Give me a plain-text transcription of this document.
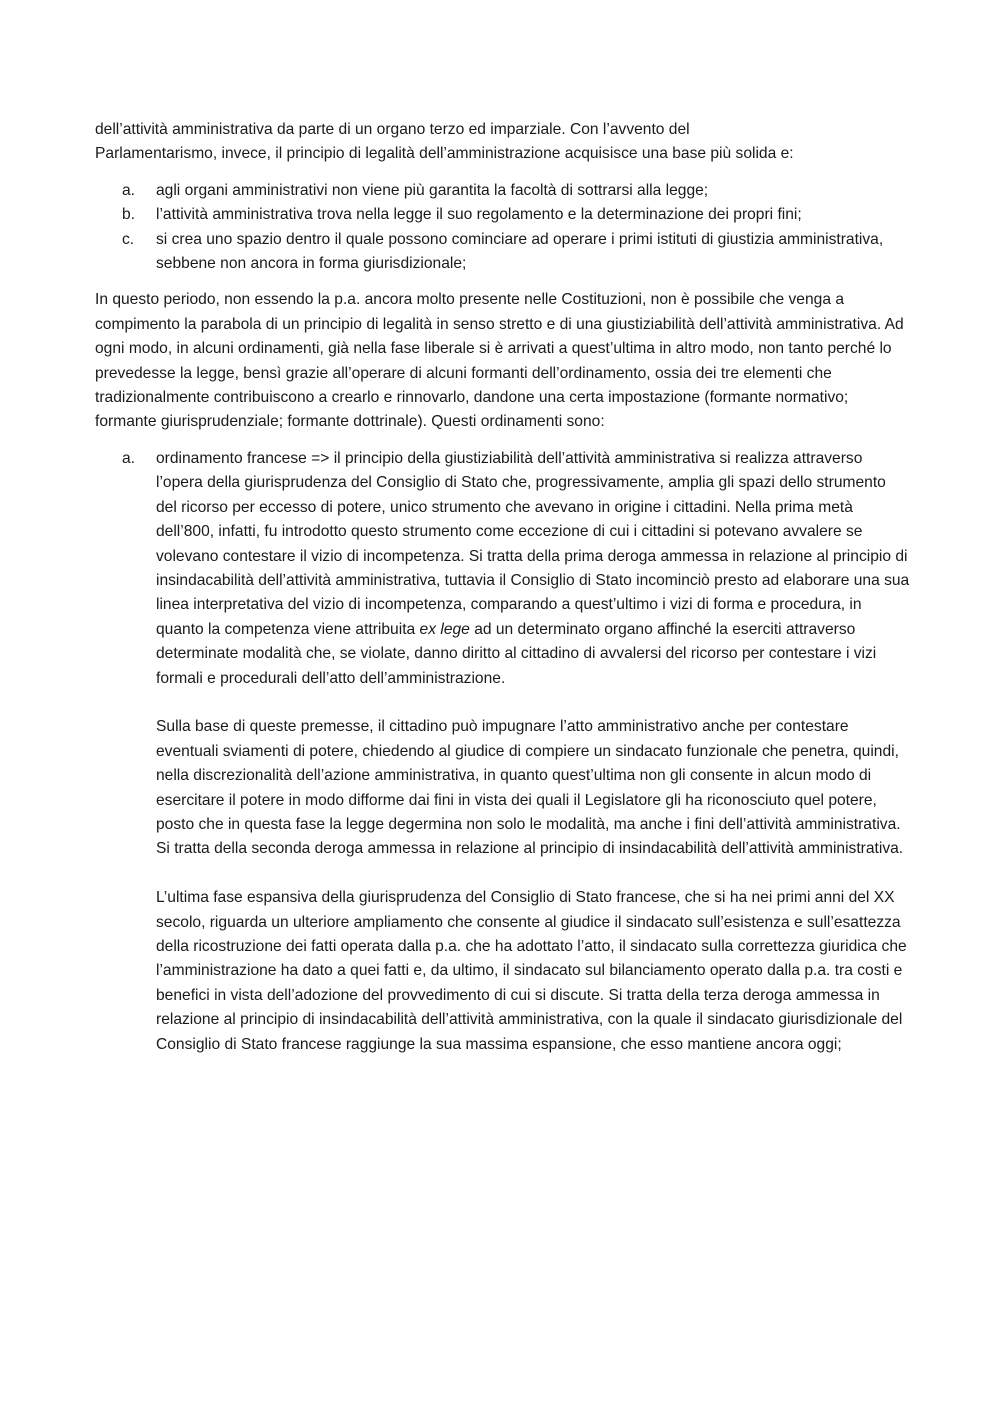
dell’attività amministrativa da parte di un organo terzo ed imparziale. Con l’avvento del
Parlamentarismo, invece, il principio di legalità dell’amministrazione acquisisce una base più solida e:

a. agli organi amministrativi non viene più garantita la facoltà di sottrarsi alla legge;
b. l’attività amministrativa trova nella legge il suo regolamento e la determinazione dei propri fini;
c. si crea uno spazio dentro il quale possono cominciare ad operare i primi istituti di giustizia amministrativa, sebbene non ancora in forma giurisdizionale;

In questo periodo, non essendo la p.a. ancora molto presente nelle Costituzioni, non è possibile che venga a compimento la parabola di un principio di legalità in senso stretto e di una giustiziabilità dell’attività amministrativa. Ad ogni modo, in alcuni ordinamenti, già nella fase liberale si è arrivati a quest’ultima in altro modo, non tanto perché lo prevedesse la legge, bensì grazie all’operare di alcuni formanti dell’ordinamento, ossia dei tre elementi che tradizionalmente contribuiscono a crearlo e rinnovarlo, dandone una certa impostazione (formante normativo; formante giurisprudenziale; formante dottrinale). Questi ordinamenti sono:

a. ordinamento francese => il principio della giustiziabilità dell’attività amministrativa si realizza attraverso l’opera della giurisprudenza del Consiglio di Stato che, progressivamente, amplia gli spazi dello strumento del ricorso per eccesso di potere, unico strumento che avevano in origine i cittadini. Nella prima metà dell’800, infatti, fu introdotto questo strumento come eccezione di cui i cittadini si potevano avvalere se volevano contestare il vizio di incompetenza. Si tratta della prima deroga ammessa in relazione al principio di insindacabilità dell’attività amministrativa, tuttavia il Consiglio di Stato incominciò presto ad elaborare una sua linea interpretativa del vizio di incompetenza, comparando a quest’ultimo i vizi di forma e procedura, in quanto la competenza viene attribuita ex lege ad un determinato organo affinché la eserciti attraverso determinate modalità che, se violate, danno diritto al cittadino di avvalersi del ricorso per contestare i vizi formali e procedurali dell’atto dell’amministrazione.

Sulla base di queste premesse, il cittadino può impugnare l’atto amministrativo anche per contestare eventuali sviamenti di potere, chiedendo al giudice di compiere un sindacato funzionale che penetra, quindi, nella discrezionalità dell’azione amministrativa, in quanto quest’ultima non gli consente in alcun modo di esercitare il potere in modo difforme dai fini in vista dei quali il Legislatore gli ha riconosciuto quel potere, posto che in questa fase la legge degermina non solo le modalità, ma anche i fini dell’attività amministrativa. Si tratta della seconda deroga ammessa in relazione al principio di insindacabilità dell’attività amministrativa.

L’ultima fase espansiva della giurisprudenza del Consiglio di Stato francese, che si ha nei primi anni del XX secolo, riguarda un ulteriore ampliamento che consente al giudice il sindacato sull’esistenza e sull’esattezza della ricostruzione dei fatti operata dalla p.a. che ha adottato l’atto, il sindacato sulla correttezza giuridica che l’amministrazione ha dato a quei fatti e, da ultimo, il sindacato sul bilanciamento operato dalla p.a. tra costi e benefici in vista dell’adozione del provvedimento di cui si discute. Si tratta della terza deroga ammessa in relazione al principio di insindacabilità dell’attività amministrativa, con la quale il sindacato giurisdizionale del Consiglio di Stato francese raggiunge la sua massima espansione, che esso mantiene ancora oggi;
